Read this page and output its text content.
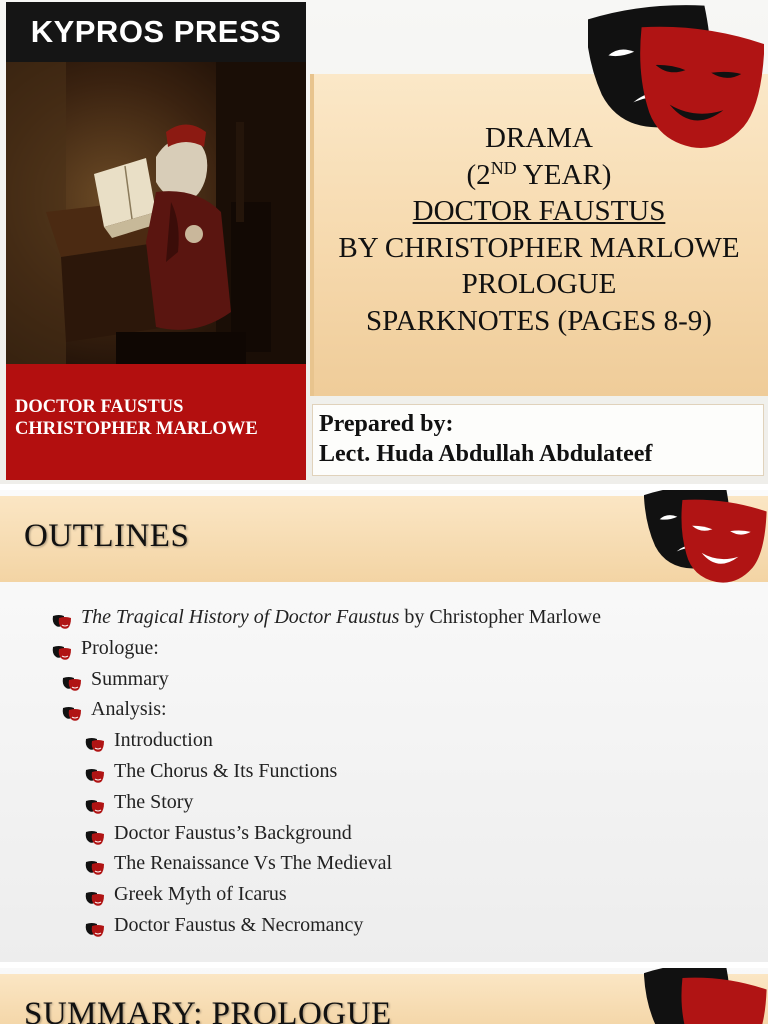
KYPROS PRESS
DOCTOR FAUSTUS
CHRISTOPHER MARLOWE
DRAMA
(2ND YEAR)
DOCTOR FAUSTUS
BY CHRISTOPHER MARLOWE
PROLOGUE
SPARKNOTES (PAGES 8-9)
Prepared by:
Lect. Huda Abdullah Abdulateef
OUTLINES
The Tragical History of Doctor Faustus by Christopher Marlowe
Prologue:
Summary
Analysis:
Introduction
The Chorus & Its Functions
The Story
Doctor Faustus’s Background
The Renaissance Vs The Medieval
Greek Myth of Icarus
Doctor Faustus & Necromancy
SUMMARY: PROLOGUE
